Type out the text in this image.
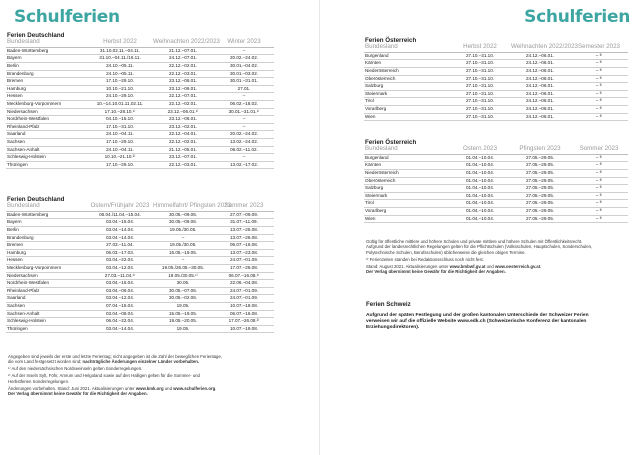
Schulferien
Ferien Deutschland
Bundesland	Herbst 2022	Weihnachten 2022/2023	Winter 2023
Baden-Württemberg	31.10.02.11.–04.11.	21.12.–07.01.	–
Bayern	31.10.–04.11./16.11.	24.12.–07.01.	20.02.–24.02.
Berlin	24.10.–05.11.	22.12.–02.01.	30.01.–04.02.
Brandenburg	24.10.–05.11.	22.12.–03.01.	30.01.–03.02.
Bremen	17.10.–29.10.	23.12.–06.01.	30.01.–31.01.
Hamburg	10.10.–21.10.	23.12.–06.01.	27.01.
Hessen	24.10.–29.10.	22.12.–07.01.	–
Mecklenburg-Vorpommern	10.–14.10.01.11.02.11.	22.12.–02.01.	06.02.–18.02.
Niedersachsen	17.10.–28.10.¹⁾	23.12.–06.01.¹⁾	30.01.–31.01.¹⁾
Nordrhein-Westfalen	04.10.–15.10.	23.12.–06.01.	–
Rheinland-Pfalz	17.10.–31.10.	23.12.–02.01.	–
Saarland	24.10.–04.11.	22.12.–04.01.	20.02.–24.02.
Sachsen	17.10.–29.10.	22.12.–02.01.	13.02.–24.02.
Sachsen-Anhalt	24.10.–04.11.	21.12.–05.01.	06.02.–11.02.
Schleswig-Holstein	10.10.–21.10.²⁾	23.12.–07.01.	–
Thüringen	17.10.–29.10.	22.12.–03.01.	13.02.–17.02.
Ferien Deutschland
Bundesland	Ostern/Frühjahr 2023	Himmelfahrt/ Pfingsten 2023	Sommer 2023
Baden-Württemberg	06.04./11.04.–15.04.	30.05.–09.06.	27.07.–09.09.
Bayern	03.04.–15.04.	30.05.–09.06.	31.07.–11.09.
Berlin	03.04.–14.04.	19.05./30.05.	13.07.–25.08.
Brandenburg	03.04.–14.04.	–	13.07.–26.08.
Bremen	27.03.–11.04.	19.05./30.05.	06.07.–16.08.
Hamburg	06.03.–17.03.	15.05.–19.05.	13.07.–23.08.
Hessen	03.04.–22.04.	–	24.07.–01.09.
Mecklenburg-Vorpommern	03.04.–12.04.	19.05./26.05.–30.05.	17.07.–26.08.
Niedersachsen	27.03.–11.04.¹⁾	19.05./30.05.¹⁾	06.07.–16.08.¹⁾
Nordrhein-Westfalen	03.04.–15.04.	30.05.	22.06.–04.08.
Rheinland-Pfalz	03.04.–06.04.	30.05.–07.06.	24.07.–01.09.
Saarland	03.04.–12.04.	30.05.–02.06.	24.07.–01.09.
Sachsen	07.04.–15.04.	19.05.	10.07.–18.08.
Sachsen-Anhalt	03.04.–08.04.	15.05.–19.05.	06.07.–16.08.
Schleswig-Holstein	06.04.–22.04.	19.05.–20.05.	17.07.–26.08.²⁾
Thüringen	03.04.–14.04.	19.05.	10.07.–19.08.

Angegeben sind jeweils der erste und letzte Ferientag; nicht angegeben ist die Zahl der beweglichen Ferientage,
die vom Land festgesetzt worden sind; nachträgliche Änderungen einzelner Länder vorbehalten.

¹⁾ Auf den niedersächsischen Nordseeinseln gelten Sonderregelungen.

²⁾ Auf der Inseln Sylt, Föhr, Amrum und Helgoland sowie auf den Halligen gelten für die Sommer- und
Herbstferien Sonderregelungen.

Änderungen vorbehalten. Stand: Juni 2021. Aktualisierungen unter www.kmk.org und www.schulferien.org.
Der Verlag übernimmt keine Gewähr für die Richtigkeit der Angaben.

Schulferien
Ferien Österreich
Bundesland	Herbst 2022	Weihnachten 2022/2023	Semester 2023
Burgenland	27.10.–31.10.	24.12.–06.01.	– ³⁾
Kärnten	27.10.–31.10.	24.12.–06.01.	– ³⁾
Niederösterreich	27.10.–31.10.	24.12.–06.01.	– ³⁾
Oberösterreich	27.10.–31.10.	24.12.–06.01.	– ³⁾
Salzburg	27.10.–31.10.	24.12.–06.01.	– ³⁾
Steiermark	27.10.–31.10.	24.12.–06.01.	– ³⁾
Tirol	27.10.–31.10.	24.12.–06.01.	– ³⁾
Vorarlberg	27.10.–31.10.	24.12.–06.01.	– ³⁾
Wien	27.10.–31.10.	24.12.–06.01.	– ³⁾
Ferien Österreich
Bundesland	Ostern 2023	Pfingsten 2023	Sommer 2023
Burgenland	01.04.–10.04.	27.05.–29.05.	– ³⁾
Kärnten	01.04.–10.04.	27.05.–29.05.	– ³⁾
Niederösterreich	01.04.–10.04.	27.05.–29.05.	– ³⁾
Oberösterreich	01.04.–10.04.	27.05.–29.05.	– ³⁾
Salzburg	01.04.–10.04.	27.05.–29.05.	– ³⁾
Steiermark	01.04.–10.04.	27.05.–29.05.	– ³⁾
Tirol	01.04.–10.04.	27.05.–29.05.	– ³⁾
Vorarlberg	01.04.–10.04.	27.05.–29.05.	– ³⁾
Wien	01.04.–10.04.	27.05.–29.05.	– ³⁾

Gültig für öffentliche mittlere und höhere Schulen und private mittlere und höhere Schulen mit Öffentlichkeitsrecht.
Aufgrund der landesrechtlichen Regelungen gelten für die Pflichtschulen (Volksschulen, Hauptschulen, Sonderschulen,
Polytechnische Schulen, Berufsschulen) üblicherweise die gleichen obigen Termine.

³⁾ Ferienzeiten standen bei Redaktionsschluss noch nicht fest.

Stand: August 2021. Aktualisierungen unter www.bmbwf.gv.at und www.oesterreich.gv.at.
Der Verlag übernimmt keine Gewähr für die Richtigkeit der Angaben.

Ferien Schweiz
Aufgrund der späten Festlegung und der großen kantonalen Unterschiede der Schweizer Ferien
verweisen wir auf die offizielle Website www.edk.ch (Schweizerische Konferenz der kantonalen
Erziehungsdirektoren).
